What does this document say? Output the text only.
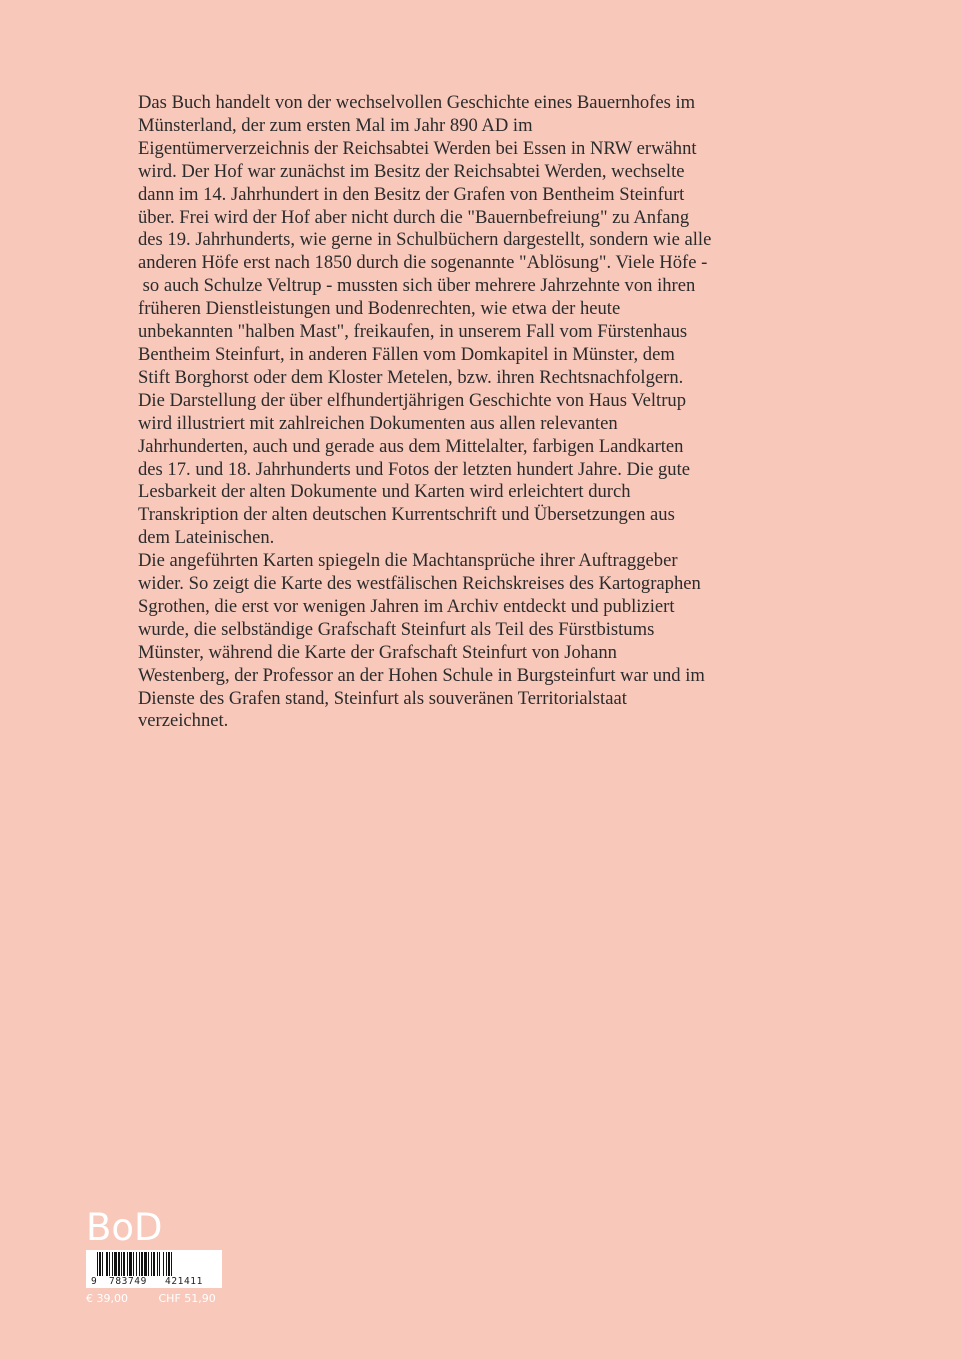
Das Buch handelt von der wechselvollen Geschichte eines Bauernhofes im

Münsterland, der zum ersten Mal im Jahr 890 AD im

Eigentümerverzeichnis der Reichsabtei Werden bei Essen in NRW erwähnt

wird. Der Hof war zunächst im Besitz der Reichsabtei Werden, wechselte

dann im 14. Jahrhundert in den Besitz der Grafen von Bentheim Steinfurt

über. Frei wird der Hof aber nicht durch die "Bauernbefreiung" zu Anfang

des 19. Jahrhunderts, wie gerne in Schulbüchern dargestellt, sondern wie alle

anderen Höfe erst nach 1850 durch die sogenannte "Ablösung". Viele Höfe -

so auch Schulze Veltrup - mussten sich über mehrere Jahrzehnte von ihren

früheren Dienstleistungen und Bodenrechten, wie etwa der heute

unbekannten "halben Mast", freikaufen, in unserem Fall vom Fürstenhaus

Bentheim Steinfurt, in anderen Fällen vom Domkapitel in Münster, dem

Stift Borghorst oder dem Kloster Metelen, bzw. ihren Rechtsnachfolgern.

Die Darstellung der über elfhundertjährigen Geschichte von Haus Veltrup

wird illustriert mit zahlreichen Dokumenten aus allen relevanten

Jahrhunderten, auch und gerade aus dem Mittelalter, farbigen Landkarten

des 17. und 18. Jahrhunderts und Fotos der letzten hundert Jahre. Die gute

Lesbarkeit der alten Dokumente und Karten wird erleichtert durch

Transkription der alten deutschen Kurrentschrift und Übersetzungen aus

dem Lateinischen.

Die angeführten Karten spiegeln die Machtansprüche ihrer Auftraggeber

wider. So zeigt die Karte des westfälischen Reichskreises des Kartographen

Sgrothen, die erst vor wenigen Jahren im Archiv entdeckt und publiziert

wurde, die selbständige Grafschaft Steinfurt als Teil des Fürstbistums

Münster, während die Karte der Grafschaft Steinfurt von Johann

Westenberg, der Professor an der Hohen Schule in Burgsteinfurt war und im

Dienste des Grafen stand, Steinfurt als souveränen Territorialstaat

verzeichnet.

BoD
9	783749	421411
€ 39,00	CHF 51,90
